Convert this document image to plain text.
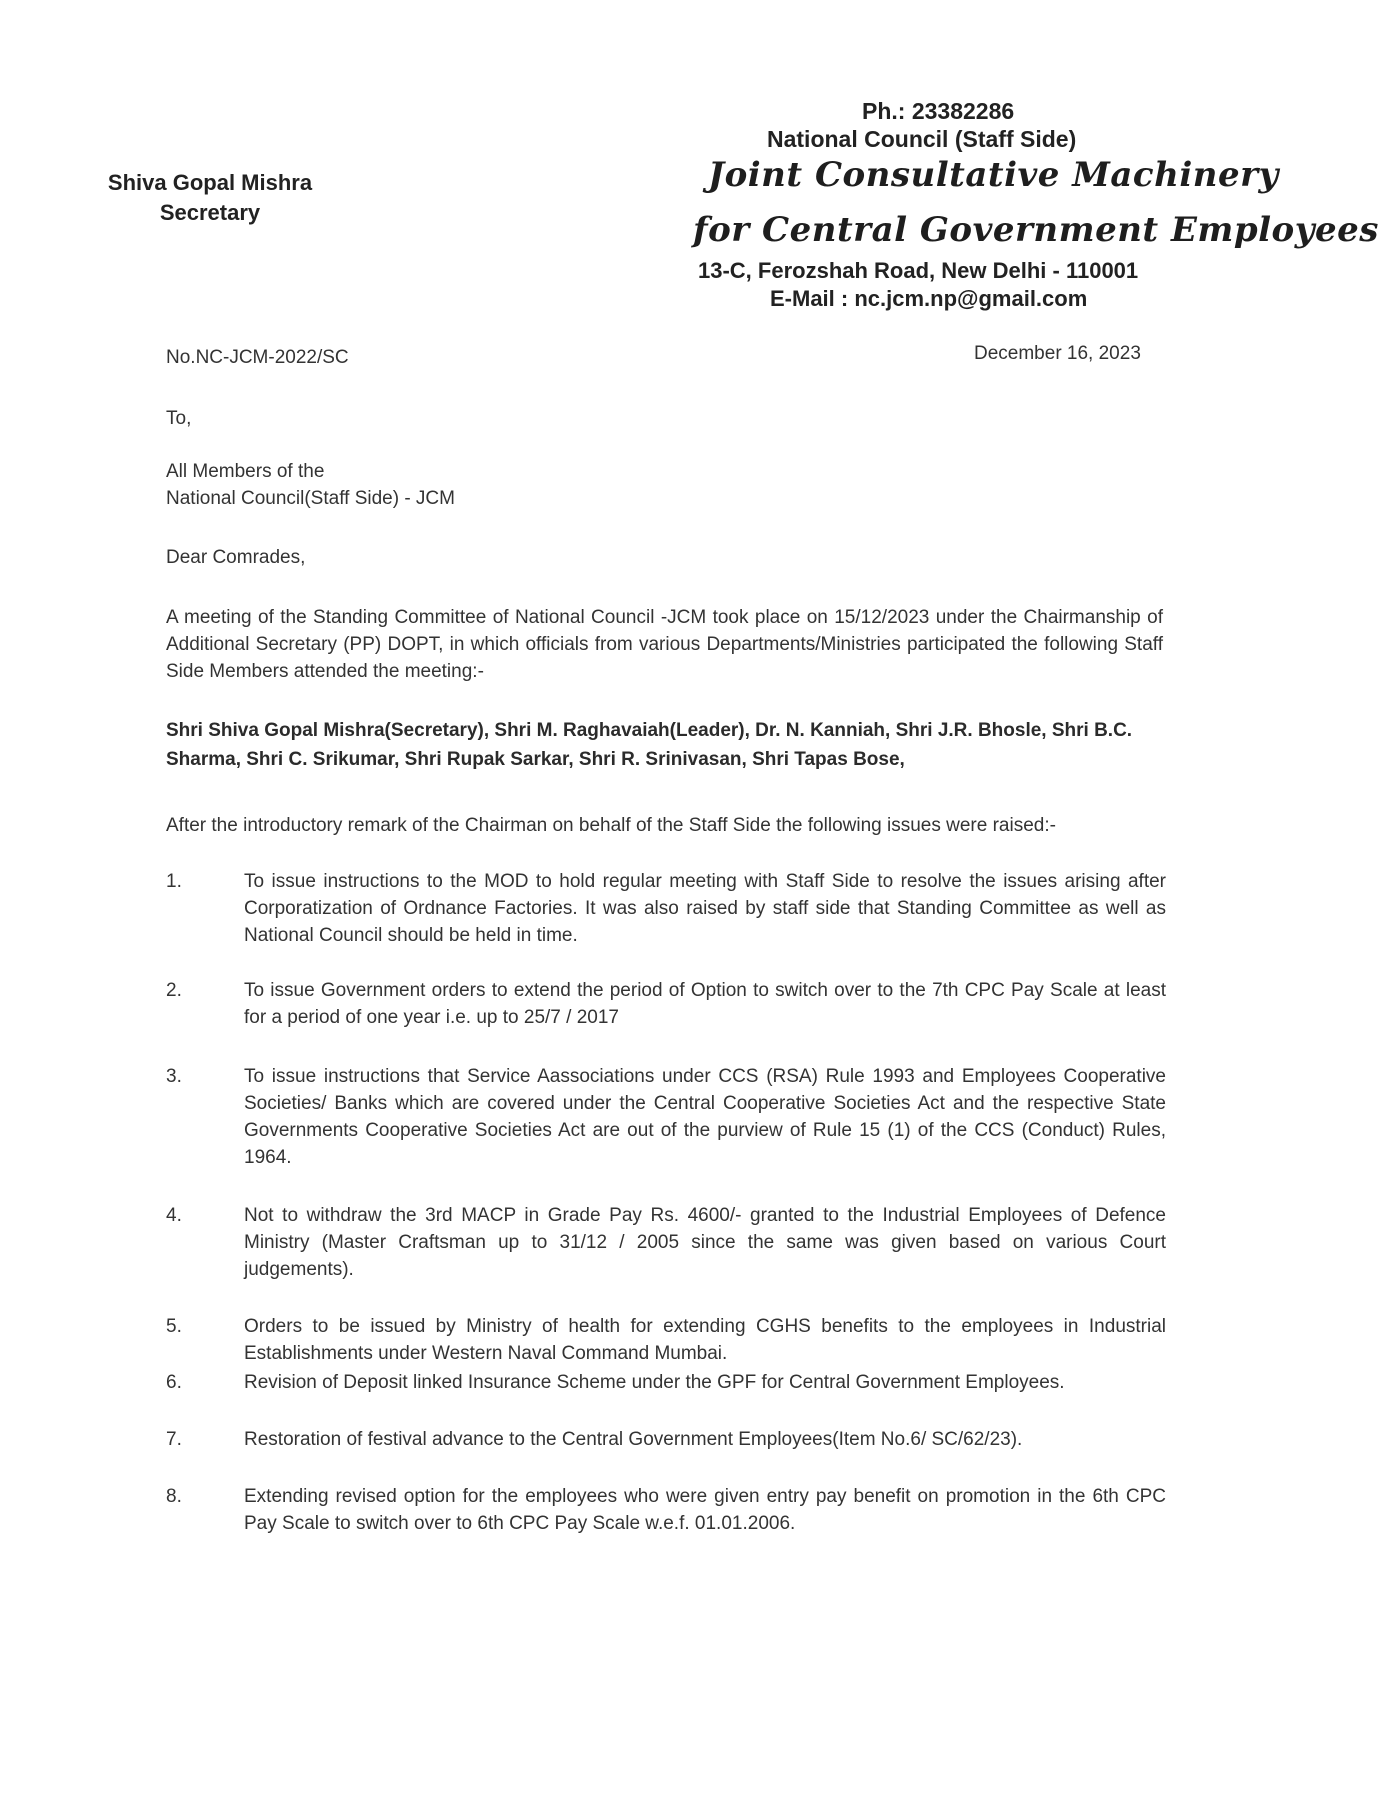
Shiva Gopal Mishra
Secretary
Ph.: 23382286
National Council (Staff Side)
Joint Consultative Machinery
for Central Government Employees
13-C, Ferozshah Road, New Delhi - 110001
E-Mail : nc.jcm.np@gmail.com
No.NC-JCM-2022/SC	December 16, 2023
To,
All Members of the
National Council(Staff Side) - JCM
Dear Comrades,
A meeting of the Standing Committee of National Council -JCM took place on 15/12/2023 under the Chairmanship of Additional Secretary (PP) DOPT, in which officials from various Departments/Ministries participated the following Staff Side Members attended the meeting:-
Shri Shiva Gopal Mishra(Secretary), Shri M. Raghavaiah(Leader), Dr. N. Kanniah, Shri J.R. Bhosle, Shri B.C. Sharma, Shri C. Srikumar, Shri Rupak Sarkar, Shri R. Srinivasan, Shri Tapas Bose,
After the introductory remark of the Chairman on behalf of the Staff Side the following issues were raised:-
1.	To issue instructions to the MOD to hold regular meeting with Staff Side to resolve the issues arising after Corporatization of Ordnance Factories. It was also raised by staff side that Standing Committee as well as National Council should be held in time.
2.	To issue Government orders to extend the period of Option to switch over to the 7th CPC Pay Scale at least for a period of one year i.e. up to 25/7 / 2017
3.	To issue instructions that Service Aassociations under CCS (RSA) Rule 1993 and Employees Cooperative Societies/ Banks which are covered under the Central Cooperative Societies Act and the respective State Governments Cooperative Societies Act are out of the purview of Rule 15 (1) of the CCS (Conduct) Rules, 1964.
4.	Not to withdraw the 3rd MACP in Grade Pay Rs. 4600/- granted to the Industrial Employees of Defence Ministry (Master Craftsman up to 31/12 / 2005 since the same was given based on various Court judgements).
5.	Orders to be issued by Ministry of health for extending CGHS benefits to the employees in Industrial Establishments under Western Naval Command Mumbai.
6.	Revision of Deposit linked Insurance Scheme under the GPF for Central Government Employees.
7.	Restoration of festival advance to the Central Government Employees(Item No.6/ SC/62/23).
8.	Extending revised option for the employees who were given entry pay benefit on promotion in the 6th CPC Pay Scale to switch over to 6th CPC Pay Scale w.e.f. 01.01.2006.
